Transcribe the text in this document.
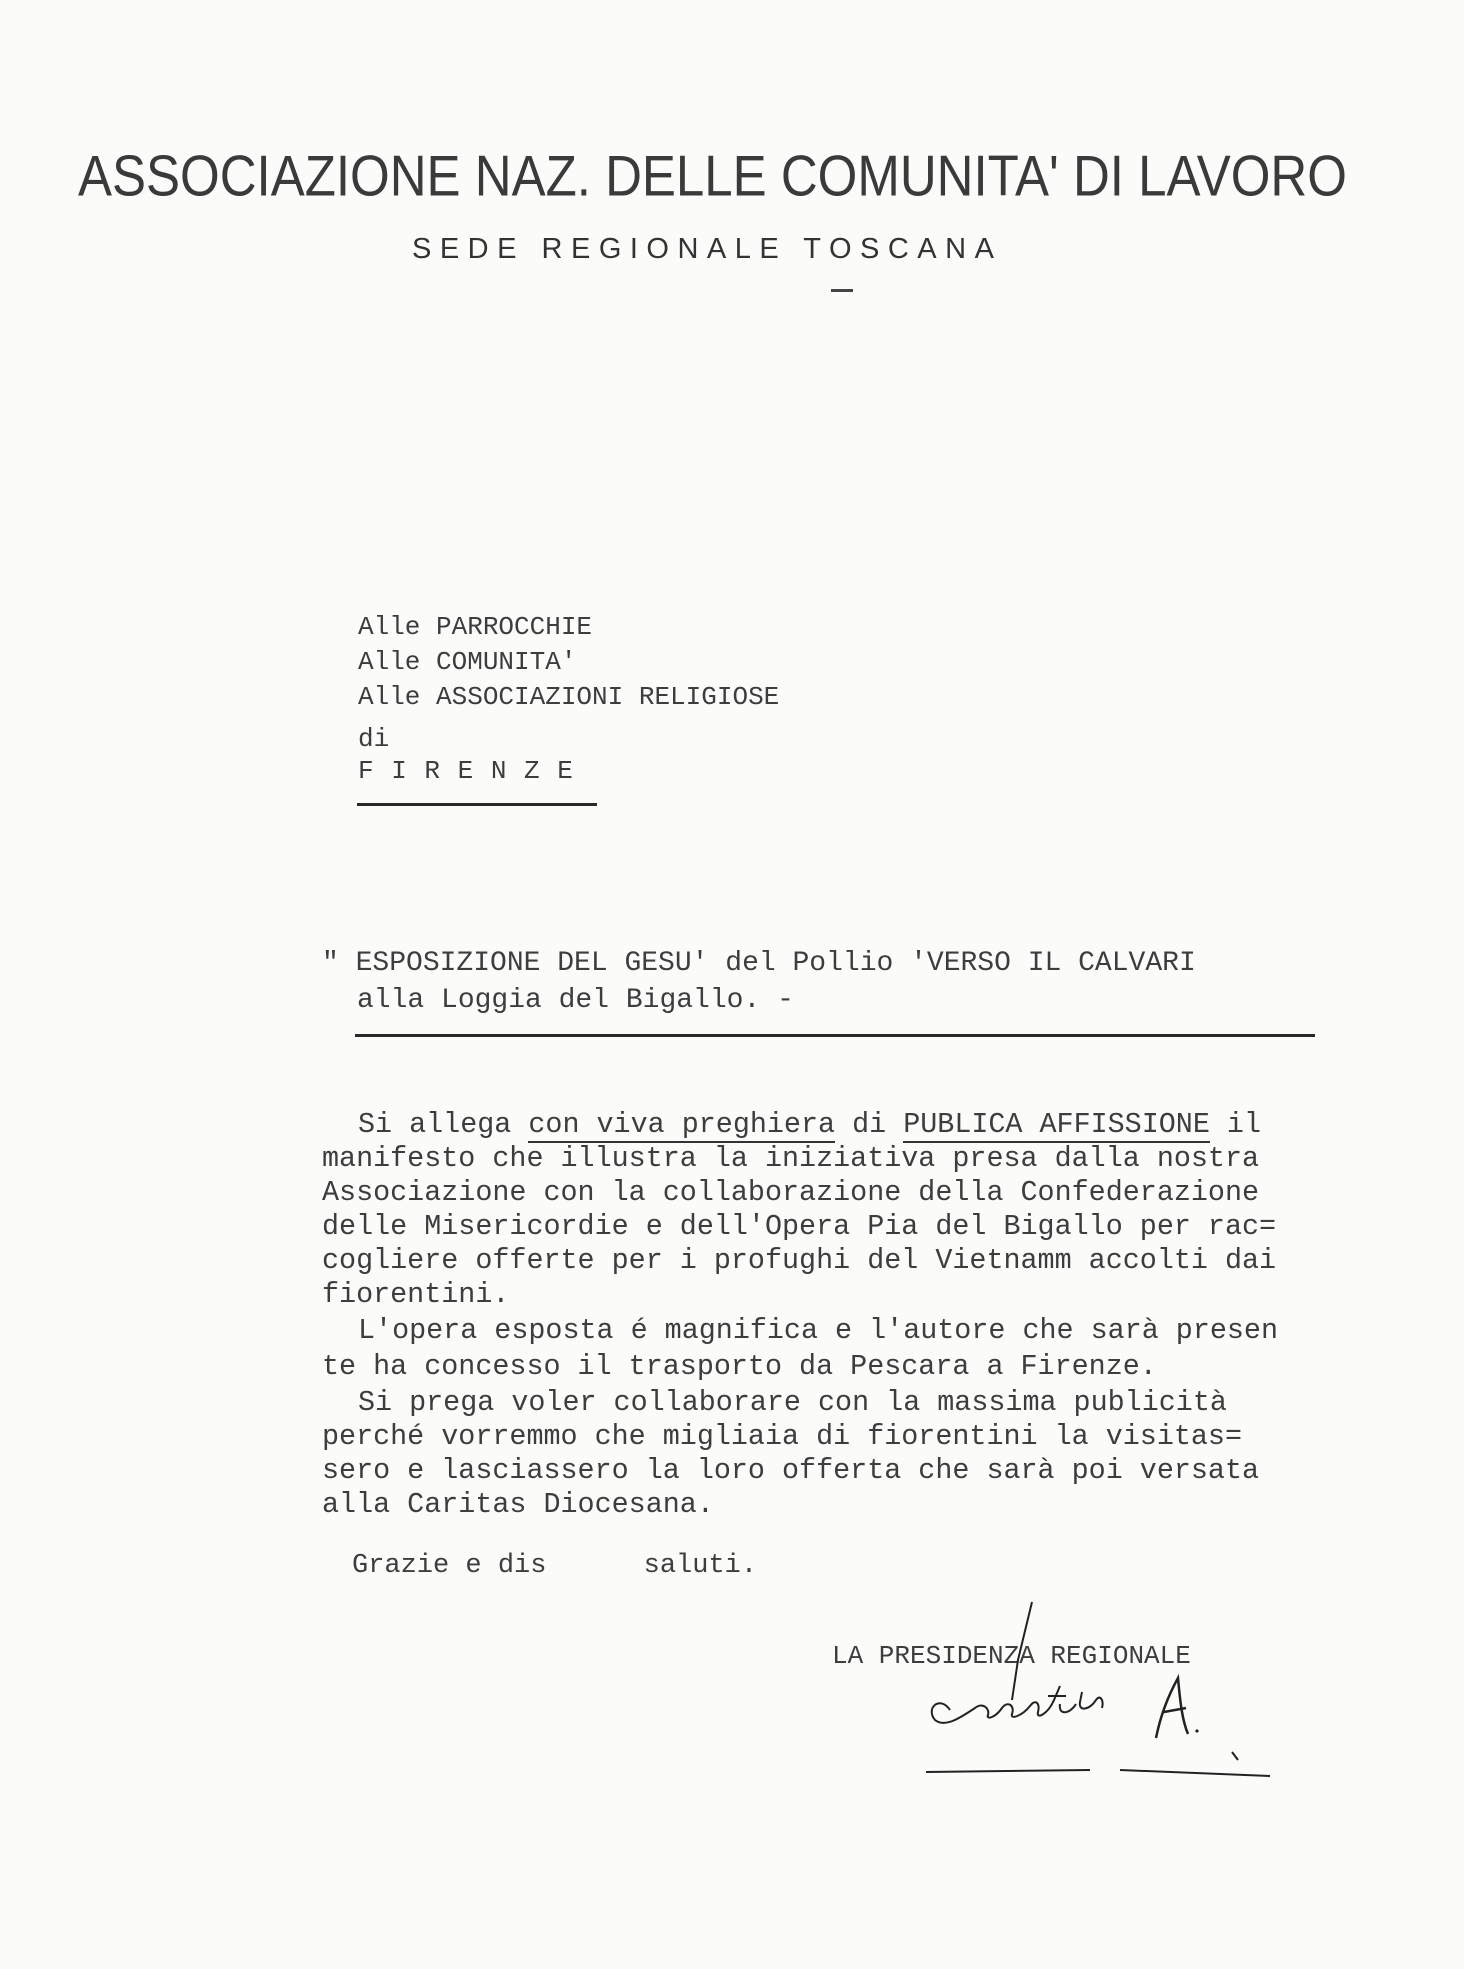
ASSOCIAZIONE NAZ. DELLE COMUNITA' DI LAVORO
SEDE REGIONALE TOSCANA
Alle PARROCCHIE
Alle COMUNITA'
Alle ASSOCIAZIONI RELIGIOSE
di
F I R E N Z E
" ESPOSIZIONE DEL GESU' del Pollio 'VERSO IL CALVARI
alla Loggia del Bigallo. -
Si allega con viva preghiera di PUBLICA AFFISSIONE il
manifesto che illustra la iniziativa presa dalla nostra
Associazione con la collaborazione della Confederazione
delle Misericordie e dell'Opera Pia del Bigallo per rac=
cogliere offerte per i profughi del Vietnamm accolti dai
fiorentini.
L'opera esposta é magnifica e l'autore che sarà presen
te ha concesso il trasporto da Pescara a Firenze.
Si prega voler collaborare con la massima publicità
perché vorremmo che migliaia di fiorentini la visitas=
sero e lasciassero la loro offerta che sarà poi versata
alla Caritas Diocesana.
Grazie e dis      saluti.
LA PRESIDENZA REGIONALE
